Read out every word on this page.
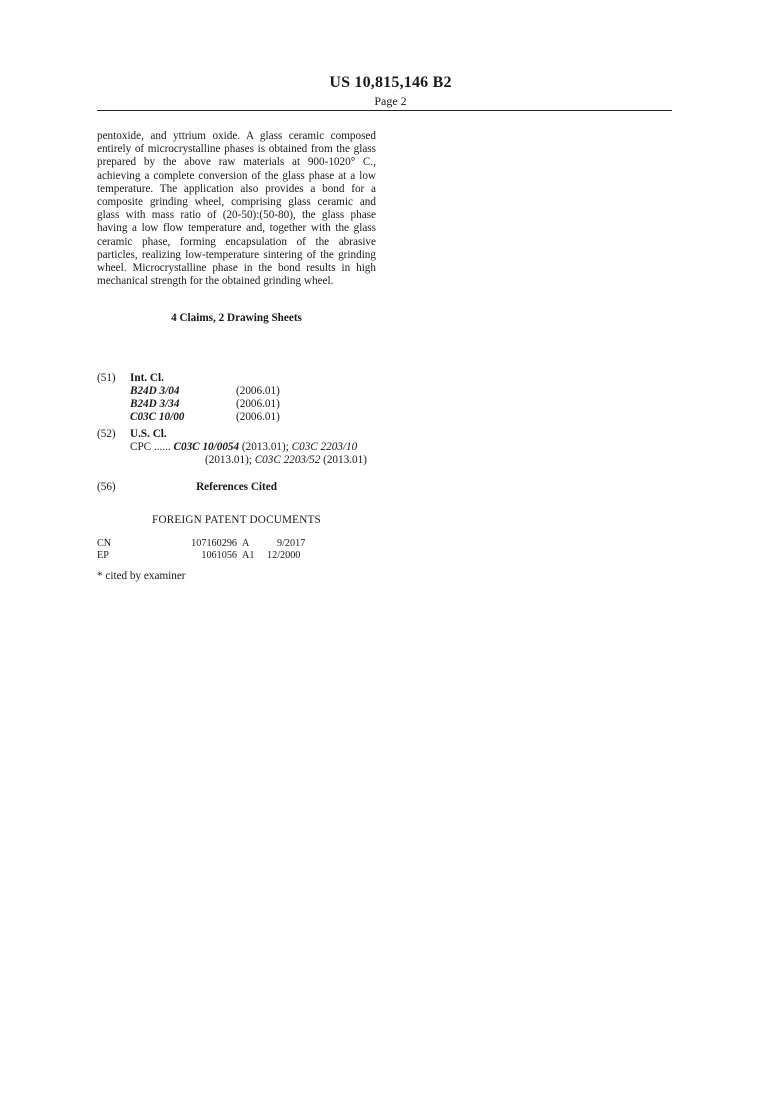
US 10,815,146 B2
Page 2
pentoxide, and yttrium oxide. A glass ceramic composed entirely of microcrystalline phases is obtained from the glass prepared by the above raw materials at 900-1020° C., achieving a complete conversion of the glass phase at a low temperature. The application also provides a bond for a composite grinding wheel, comprising glass ceramic and glass with mass ratio of (20-50):(50-80), the glass phase having a low flow temperature and, together with the glass ceramic phase, forming encapsulation of the abrasive particles, realizing low-temperature sintering of the grinding wheel. Microcrystalline phase in the bond results in high mechanical strength for the obtained grinding wheel.
4 Claims, 2 Drawing Sheets
(51) Int. Cl.
B24D 3/04	(2006.01)
B24D 3/34	(2006.01)
C03C 10/00	(2006.01)
(52) U.S. Cl.
CPC ...... C03C 10/0054 (2013.01); C03C 2203/10
(2013.01); C03C 2203/52 (2013.01)
(56)	References Cited
FOREIGN PATENT DOCUMENTS
CN	107160296 A	9/2017
EP	1061056 A1 12/2000
* cited by examiner
